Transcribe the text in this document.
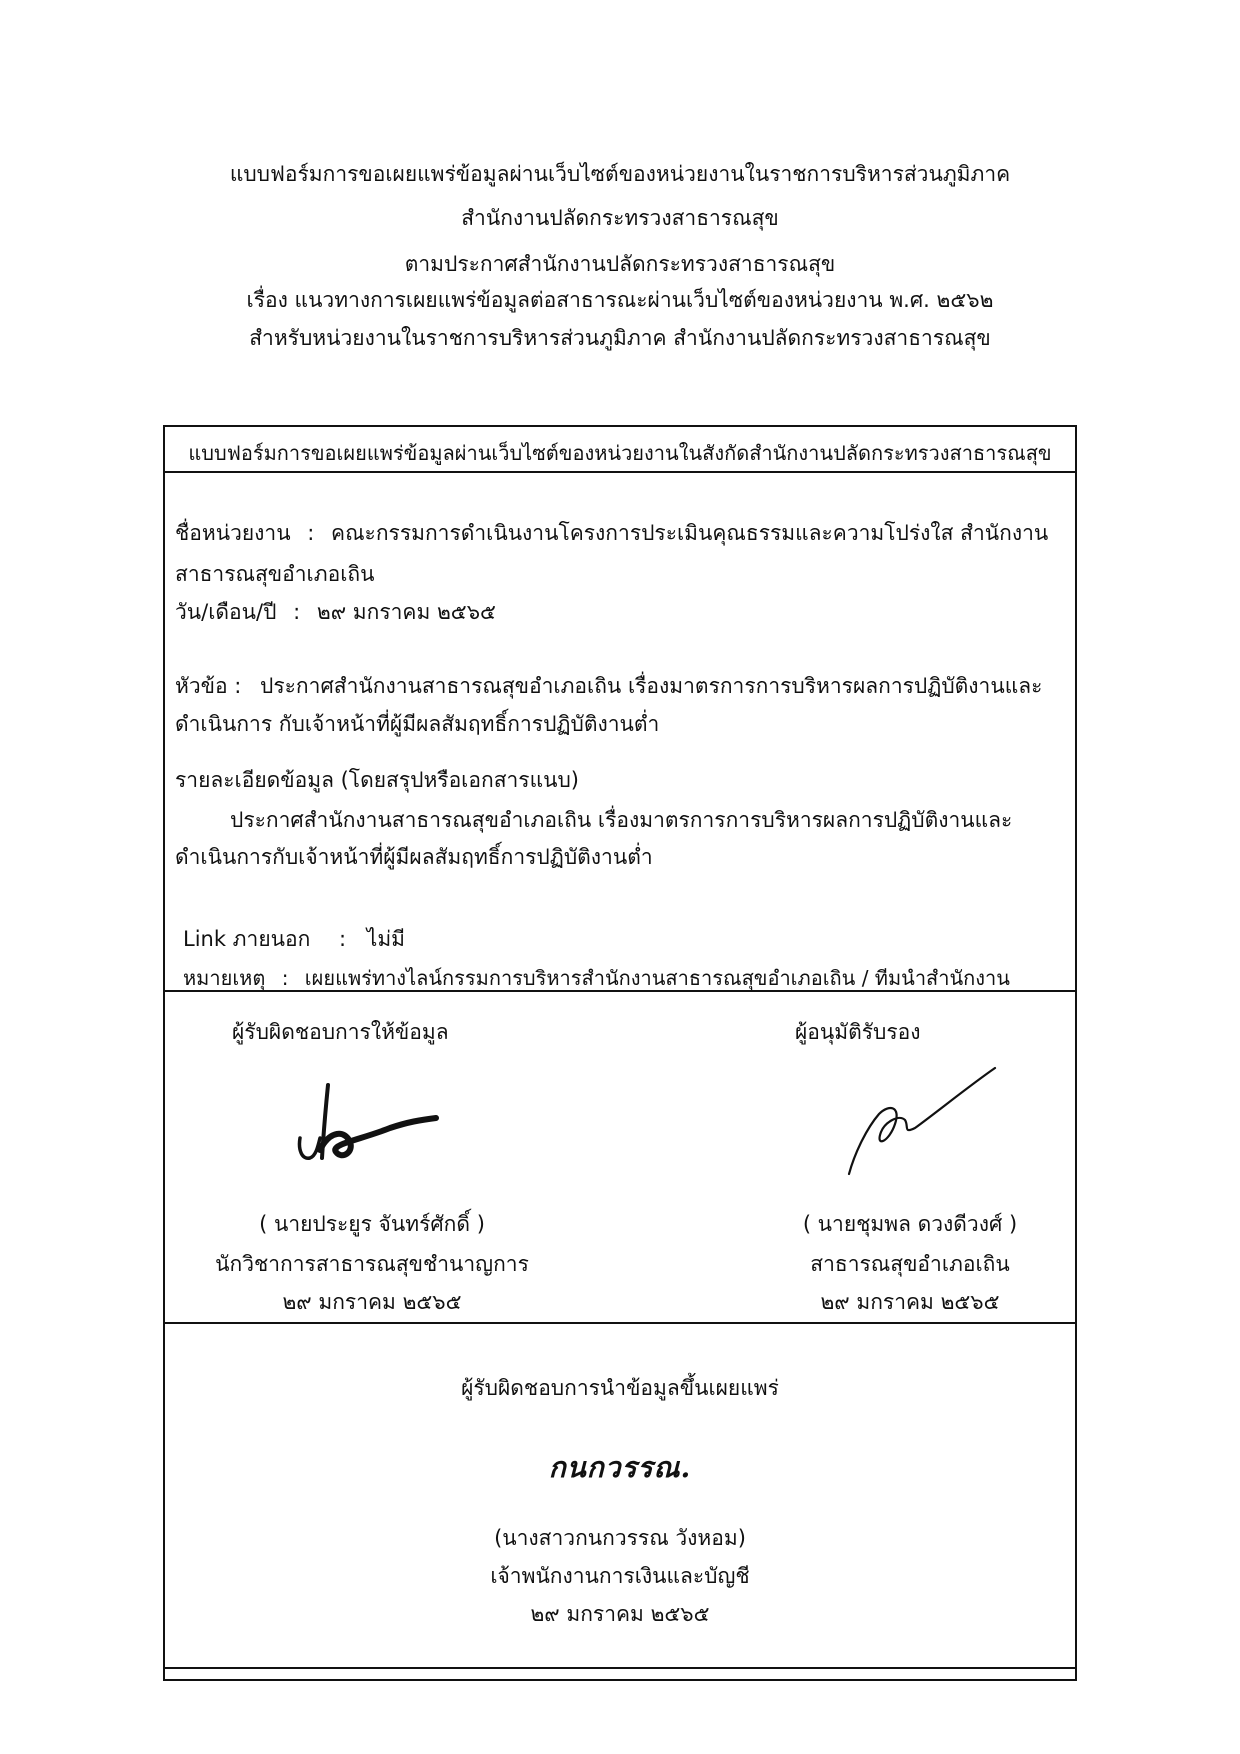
แบบฟอร์มการขอเผยแพร่ข้อมูลผ่านเว็บไซต์ของหน่วยงานในราชการบริหารส่วนภูมิภาค
สำนักงานปลัดกระทรวงสาธารณสุข
ตามประกาศสำนักงานปลัดกระทรวงสาธารณสุข
เรื่อง แนวทางการเผยแพร่ข้อมูลต่อสาธารณะผ่านเว็บไซต์ของหน่วยงาน พ.ศ. ๒๕๖๒
สำหรับหน่วยงานในราชการบริหารส่วนภูมิภาค สำนักงานปลัดกระทรวงสาธารณสุข
แบบฟอร์มการขอเผยแพร่ข้อมูลผ่านเว็บไซต์ของหน่วยงานในสังกัดสำนักงานปลัดกระทรวงสาธารณสุข
ชื่อหน่วยงาน : คณะกรรมการดำเนินงานโครงการประเมินคุณธรรมและความโปร่งใส สำนักงาน
สาธารณสุขอำเภอเถิน
วัน/เดือน/ปี : ๒๙ มกราคม ๒๕๖๕
หัวข้อ : ประกาศสำนักงานสาธารณสุขอำเภอเถิน เรื่องมาตรการการบริหารผลการปฏิบัติงานและ
ดำเนินการ กับเจ้าหน้าที่ผู้มีผลสัมฤทธิ์การปฏิบัติงานต่ำ
รายละเอียดข้อมูล (โดยสรุปหรือเอกสารแนบ)
ประกาศสำนักงานสาธารณสุขอำเภอเถิน เรื่องมาตรการการบริหารผลการปฏิบัติงานและ
ดำเนินการกับเจ้าหน้าที่ผู้มีผลสัมฤทธิ์การปฏิบัติงานต่ำ
Link ภายนอก : ไม่มี
หมายเหตุ : เผยแพร่ทางไลน์กรรมการบริหารสำนักงานสาธารณสุขอำเภอเถิน / ทีมนำสำนักงาน
ผู้รับผิดชอบการให้ข้อมูล
( นายประยูร จันทร์ศักดิ์ )
นักวิชาการสาธารณสุขชำนาญการ
๒๙ มกราคม ๒๕๖๕
ผู้อนุมัติรับรอง
( นายชุมพล ดวงดีวงศ์ )
สาธารณสุขอำเภอเถิน
๒๙ มกราคม ๒๕๖๕
ผู้รับผิดชอบการนำข้อมูลขึ้นเผยแพร่
กนกวรรณ.
(นางสาวกนกวรรณ วังหอม)
เจ้าพนักงานการเงินและบัญชี
๒๙ มกราคม ๒๕๖๕
